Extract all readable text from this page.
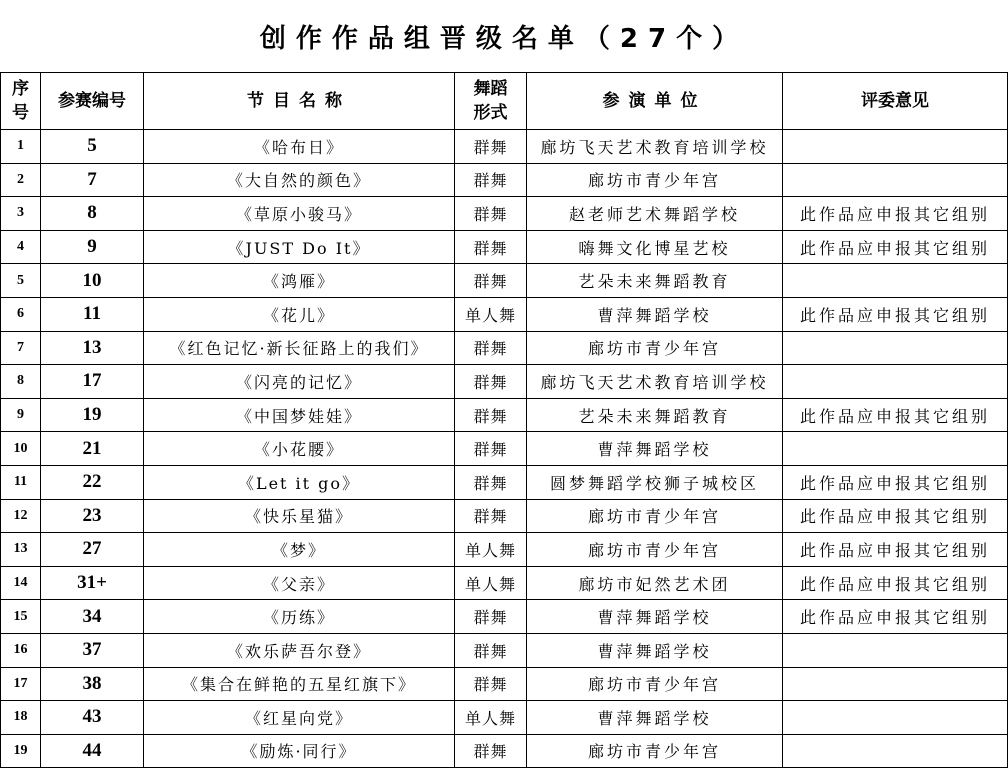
创作作品组晋级名单（27个）
序号	参赛编号	节目名称	舞蹈形式	参演单位	评委意见
1	5	《哈布日》	群舞	廊坊飞天艺术教育培训学校	
2	7	《大自然的颜色》	群舞	廊坊市青少年宫	
3	8	《草原小骏马》	群舞	赵老师艺术舞蹈学校	此作品应申报其它组别
4	9	《JUST Do It》	群舞	嗨舞文化博星艺校	此作品应申报其它组别
5	10	《鸿雁》	群舞	艺朵未来舞蹈教育	
6	11	《花儿》	单人舞	曹萍舞蹈学校	此作品应申报其它组别
7	13	《红色记忆·新长征路上的我们》	群舞	廊坊市青少年宫	
8	17	《闪亮的记忆》	群舞	廊坊飞天艺术教育培训学校	
9	19	《中国梦娃娃》	群舞	艺朵未来舞蹈教育	此作品应申报其它组别
10	21	《小花腰》	群舞	曹萍舞蹈学校	
11	22	《Let it go》	群舞	圆梦舞蹈学校狮子城校区	此作品应申报其它组别
12	23	《快乐星猫》	群舞	廊坊市青少年宫	此作品应申报其它组别
13	27	《梦》	单人舞	廊坊市青少年宫	此作品应申报其它组别
14	31+	《父亲》	单人舞	廊坊市妃然艺术团	此作品应申报其它组别
15	34	《历练》	群舞	曹萍舞蹈学校	此作品应申报其它组别
16	37	《欢乐萨吾尔登》	群舞	曹萍舞蹈学校	
17	38	《集合在鲜艳的五星红旗下》	群舞	廊坊市青少年宫	
18	43	《红星向党》	单人舞	曹萍舞蹈学校	
19	44	《励炼·同行》	群舞	廊坊市青少年宫	
